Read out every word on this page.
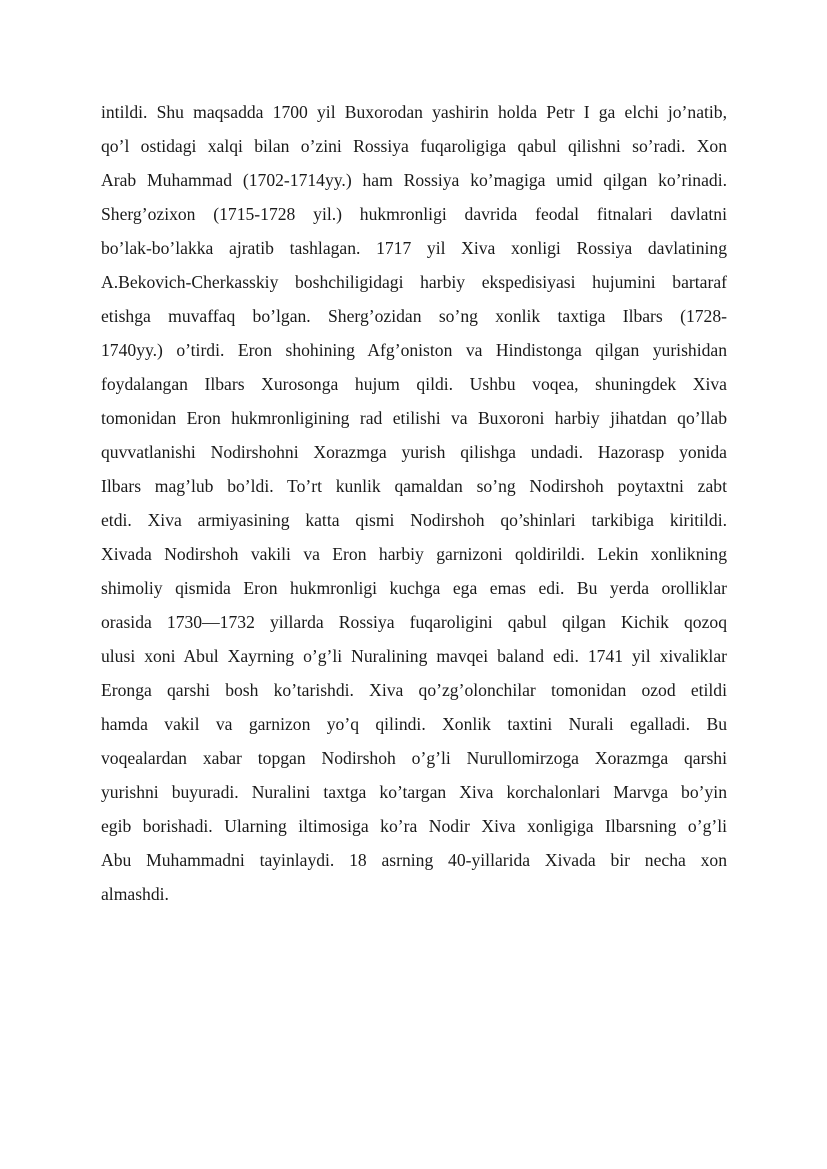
intildi. Shu maqsadda 1700 yil Buxorodan yashirin holda Petr I ga elchi jo’natib,
qo’l ostidagi xalqi bilan o’zini Rossiya fuqaroligiga qabul qilishni so’radi. Xon
Arab Muhammad (1702-1714yy.) ham Rossiya ko’magiga umid qilgan ko’rinadi.
Sherg’ozixon (1715-1728 yil.) hukmronligi davrida feodal fitnalari davlatni
bo’lak-bo’lakka ajratib tashlagan. 1717 yil Xiva xonligi Rossiya davlatining
A.Bekovich-Cherkasskiy boshchiligidagi harbiy ekspedisiyasi hujumini bartaraf
etishga muvaffaq bo’lgan. Sherg’ozidan so’ng xonlik taxtiga Ilbars (1728-
1740yy.) o’tirdi. Eron shohining Afg’oniston va Hindistonga qilgan yurishidan
foydalangan Ilbars Xurosonga hujum qildi. Ushbu voqea, shuningdek Xiva
tomonidan Eron hukmronligining rad etilishi va Buxoroni harbiy jihatdan qo’llab
quvvatlanishi Nodirshohni Xorazmga yurish qilishga undadi. Hazorasp yonida
Ilbars mag’lub bo’ldi. To’rt kunlik qamaldan so’ng Nodirshoh poytaxtni zabt
etdi. Xiva armiyasining katta qismi Nodirshoh qo’shinlari tarkibiga kiritildi.
Xivada Nodirshoh vakili va Eron harbiy garnizoni qoldirildi. Lekin xonlikning
shimoliy qismida Eron hukmronligi kuchga ega emas edi. Bu yerda orolliklar
orasida 1730—1732 yillarda Rossiya fuqaroligini qabul qilgan Kichik qozoq
ulusi xoni Abul Xayrning o’g’li Nuralining mavqei baland edi. 1741 yil xivaliklar
Eronga qarshi bosh ko’tarishdi. Xiva qo’zg’olonchilar tomonidan ozod etildi
hamda vakil va garnizon yo’q qilindi. Xonlik taxtini Nurali egalladi. Bu
voqealardan xabar topgan Nodirshoh o’g’li Nurullomirzoga Xorazmga qarshi
yurishni buyuradi. Nuralini taxtga ko’targan Xiva korchalonlari Marvga bo’yin
egib borishadi. Ularning iltimosiga ko’ra Nodir Xiva xonligiga Ilbarsning o’g’li
Abu Muhammadni tayinlaydi. 18 asrning 40-yillarida Xivada bir necha xon
almashdi.
